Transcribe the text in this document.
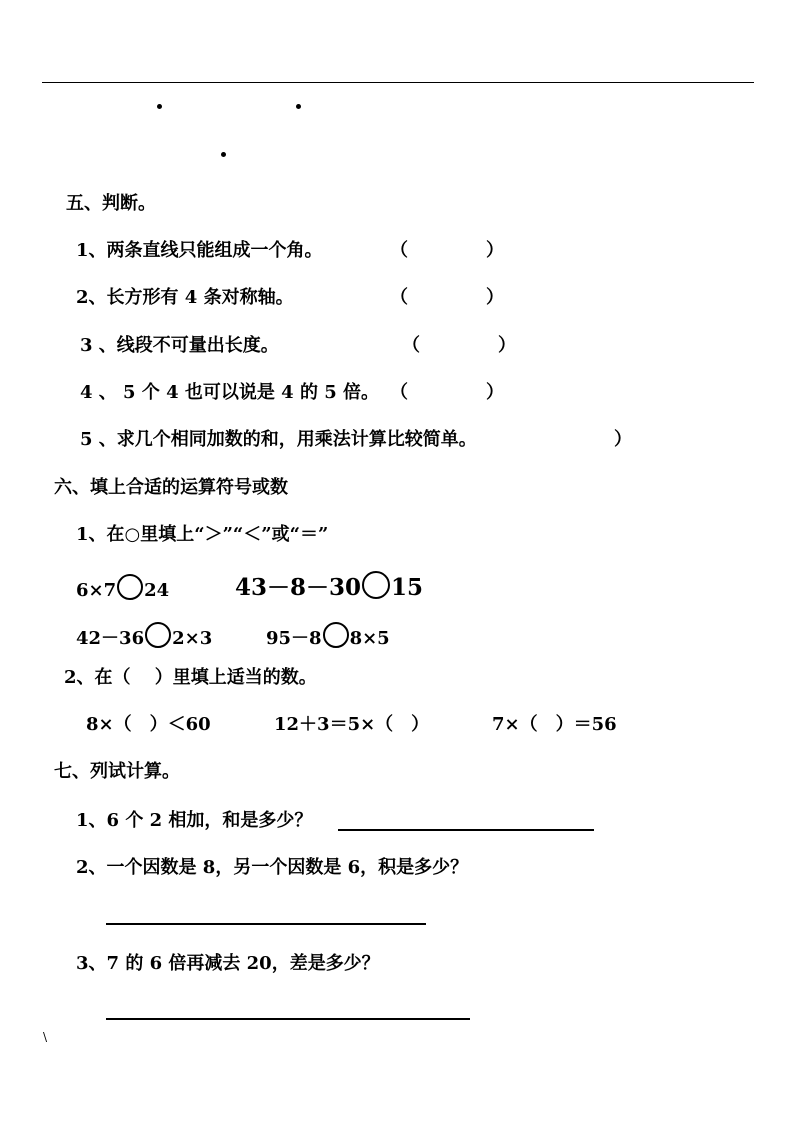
五、判断。
1、两条直线只能组成一个角。	（	）
2、长方形有 4 条对称轴。	（	）
3 、线段不可量出长度。	（	）
4 、 5 个 4 也可以说是 4 的 5 倍。	）
（
5 、求几个相同加数的和，用乘法计算比较简单。	）
六、填上合适的运算符号或数
1、在○里填上“＞”“＜”或“＝”
6×7 24	43－8－30 15
42－36 2×3	95－8 8×5
2、在（　 ）里填上适当的数。
8×（　）＜60	12＋3＝5×（　）	7×（　）＝56
七、列试计算。
1、6 个 2 相加，和是多少？
2、一个因数是 8，另一个因数是 6，积是多少？
3、7 的 6 倍再减去 20，差是多少？
\
